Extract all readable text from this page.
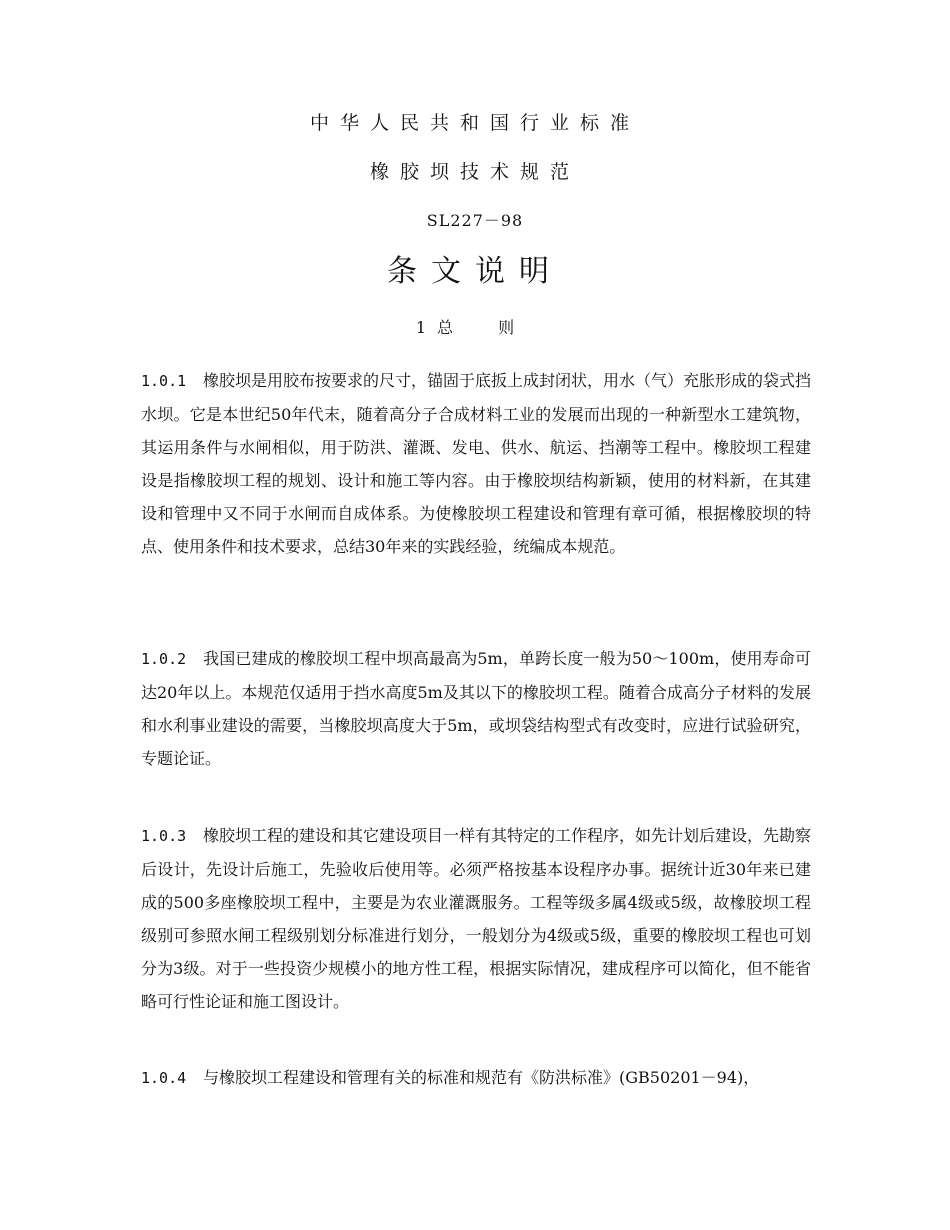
中华人民共和国行业标准
橡胶坝技术规范
SL227－98
条文说明
1 总 则
1.0.1 橡胶坝是用胶布按要求的尺寸，锚固于底扳上成封闭状，用水（气）充胀形成的袋式挡水坝。它是本世纪50年代末，随着高分子合成材料工业的发展而出现的一种新型水工建筑物，其运用条件与水闸相似，用于防洪、灌溉、发电、供水、航运、挡潮等工程中。橡胶坝工程建设是指橡胶坝工程的规划、设计和施工等内容。由于橡胶坝结构新颖，使用的材料新，在其建设和管理中又不同于水闸而自成体系。为使橡胶坝工程建设和管理有章可循，根据橡胶坝的特点、使用条件和技术要求，总结30年来的实践经验，统编成本规范。
1.0.2 我国已建成的橡胶坝工程中坝高最高为5m，单跨长度一般为50～100m，使用寿命可达20年以上。本规范仅适用于挡水高度5m及其以下的橡胶坝工程。随着合成高分子材料的发展和水利事业建设的需要，当橡胶坝高度大于5m，或坝袋结构型式有改变时，应进行试验研究，专题论证。
1.0.3 橡胶坝工程的建设和其它建设项目一样有其特定的工作程序，如先计划后建设，先勘察后设计，先设计后施工，先验收后使用等。必须严格按基本设程序办事。据统计近30年来已建成的500多座橡胶坝工程中，主要是为农业灌溉服务。工程等级多属4级或5级，故橡胶坝工程级别可参照水闸工程级别划分标准进行划分，一般划分为4级或5级，重要的橡胶坝工程也可划分为3级。对于一些投资少规模小的地方性工程，根据实际情况，建成程序可以简化，但不能省略可行性论证和施工图设计。
1.0.4 与橡胶坝工程建设和管理有关的标准和规范有《防洪标准》(GB50201－94)，
